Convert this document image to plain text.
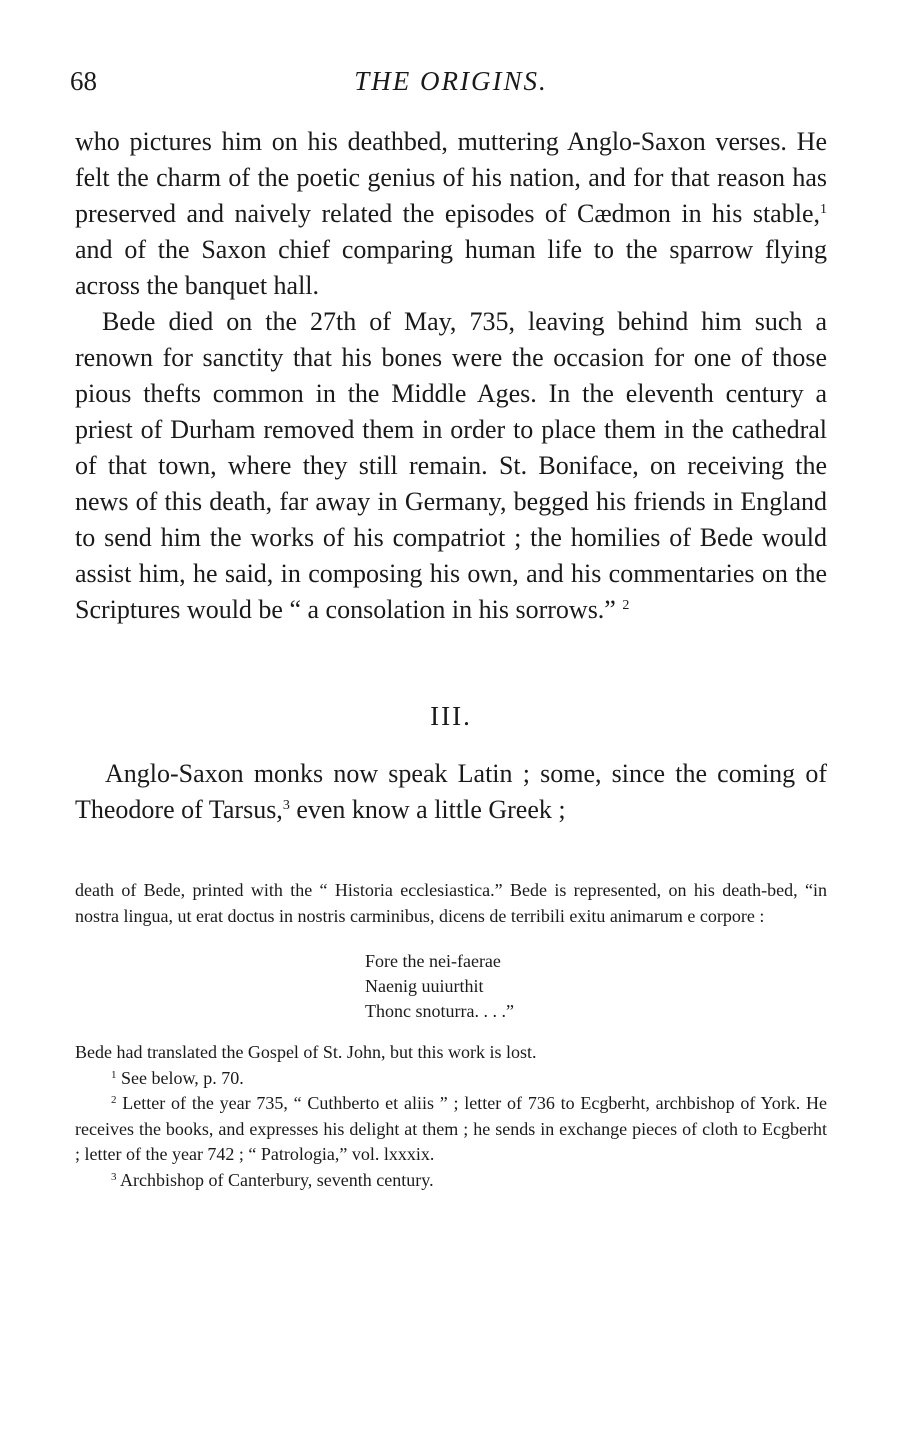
68	THE ORIGINS.

who pictures him on his deathbed, muttering Anglo-Saxon verses. He felt the charm of the poetic genius of his nation, and for that reason has preserved and naively related the episodes of Cædmon in his stable,$^1$ and of the Saxon chief comparing human life to the sparrow flying across the banquet hall.

Bede died on the 27th of May, 735, leaving behind him such a renown for sanctity that his bones were the occasion for one of those pious thefts common in the Middle Ages. In the eleventh century a priest of Durham removed them in order to place them in the cathedral of that town, where they still remain. St. Boniface, on receiving the news of this death, far away in Germany, begged his friends in England to send him the works of his compatriot ; the homilies of Bede would assist him, he said, in composing his own, and his commentaries on the Scriptures would be “ a consolation in his sorrows.” $^2$

III.

Anglo-Saxon monks now speak Latin ; some, since the coming of Theodore of Tarsus,$^3$ even know a little Greek ;

death of Bede, printed with the “ Historia ecclesiastica.” Bede is represented, on his death-bed, “in nostra lingua, ut erat doctus in nostris carminibus, dicens de terribili exitu animarum e corpore :

Fore the nei-faerae
Naenig uuiurthit
Thonc snoturra. . . .”

Bede had translated the Gospel of St. John, but this work is lost.

$^1$ See below, p. 70.

$^2$ Letter of the year 735, “ Cuthberto et aliis ” ; letter of 736 to Ecgberht, archbishop of York. He receives the books, and expresses his delight at them ; he sends in exchange pieces of cloth to Ecgberht ; letter of the year 742 ; “ Patrologia,” vol. lxxxix.

$^3$ Archbishop of Canterbury, seventh century.
